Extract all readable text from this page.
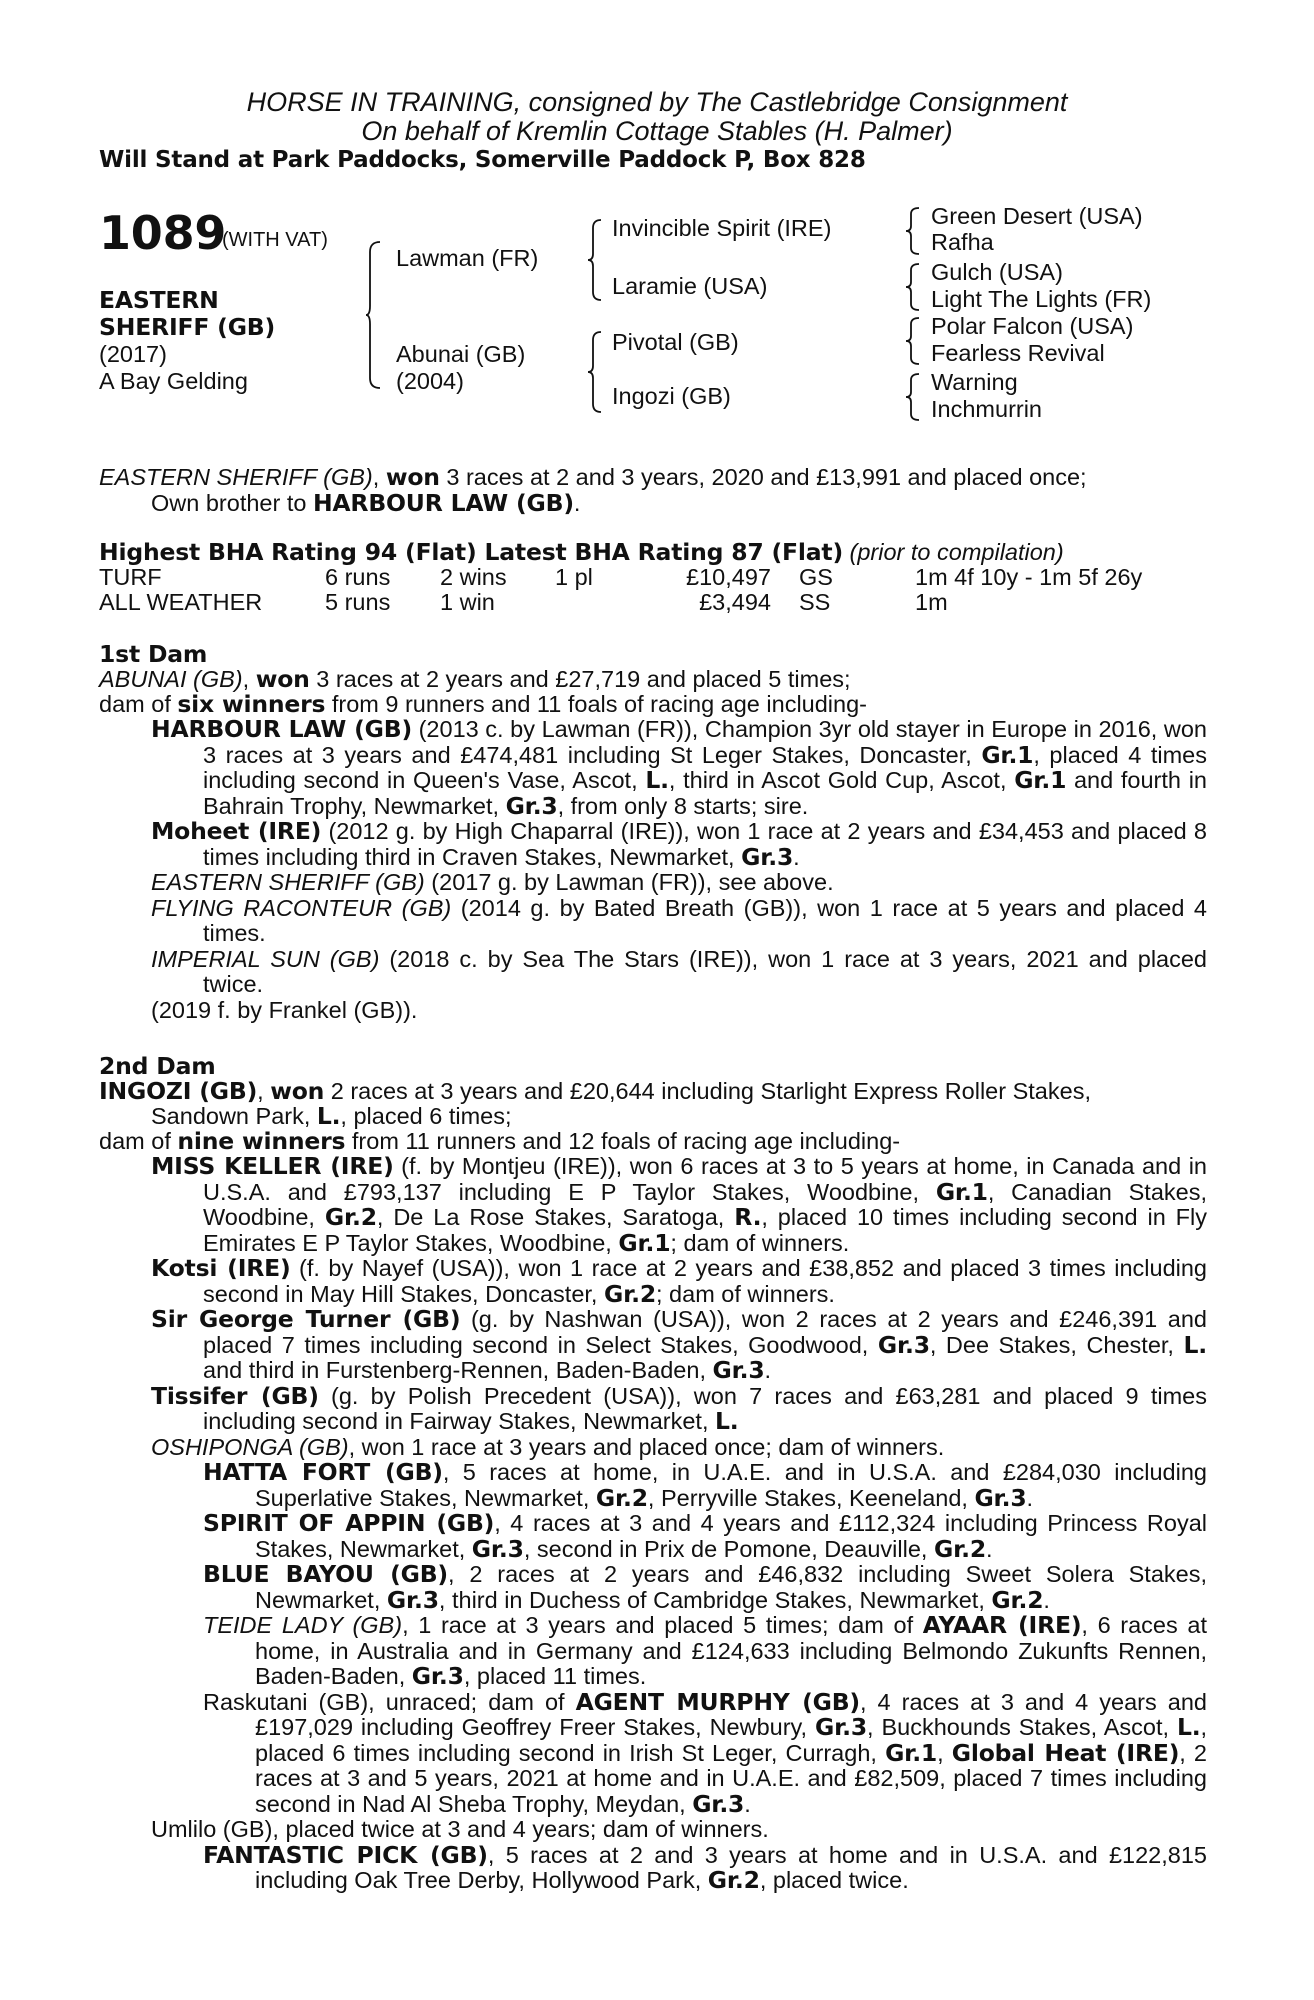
HORSE IN TRAINING, consigned by The Castlebridge Consignment
On behalf of Kremlin Cottage Stables (H. Palmer)
Will Stand at Park Paddocks, Somerville Paddock P, Box 828
1089
(WITH VAT)
EASTERN
SHERIFF (GB)
(2017)
A Bay Gelding
Lawman (FR)
Abunai (GB)
(2004)
Invincible Spirit (IRE)
Laramie (USA)
Pivotal (GB)
Ingozi (GB)
Green Desert (USA)
Rafha
Gulch (USA)
Light The Lights (FR)
Polar Falcon (USA)
Fearless Revival
Warning
Inchmurrin
EASTERN SHERIFF (GB), won 3 races at 2 and 3 years, 2020 and £13,991 and placed once;
Own brother to HARBOUR LAW (GB).
Highest BHA Rating 94 (Flat) Latest BHA Rating 87 (Flat) (prior to compilation)
TURF	6 runs 2 wins 1 pl	£10,497 GS	1m 4f 10y - 1m 5f 26y
ALL WEATHER	5 runs 1 win	£3,494 SS	1m
1st Dam
ABUNAI (GB), won 3 races at 2 years and £27,719 and placed 5 times;
dam of six winners from 9 runners and 11 foals of racing age including-
HARBOUR LAW (GB) (2013 c. by Lawman (FR)), Champion 3yr old stayer in Europe in 2016, won 3 races at 3 years and £474,481 including St Leger Stakes, Doncaster, Gr.1, placed 4 times including second in Queen's Vase, Ascot, L., third in Ascot Gold Cup, Ascot, Gr.1 and fourth in Bahrain Trophy, Newmarket, Gr.3, from only 8 starts; sire.
Moheet (IRE) (2012 g. by High Chaparral (IRE)), won 1 race at 2 years and £34,453 and placed 8 times including third in Craven Stakes, Newmarket, Gr.3.
EASTERN SHERIFF (GB) (2017 g. by Lawman (FR)), see above.
FLYING RACONTEUR (GB) (2014 g. by Bated Breath (GB)), won 1 race at 5 years and placed 4 times.
IMPERIAL SUN (GB) (2018 c. by Sea The Stars (IRE)), won 1 race at 3 years, 2021 and placed twice.
(2019 f. by Frankel (GB)).
2nd Dam
INGOZI (GB), won 2 races at 3 years and £20,644 including Starlight Express Roller Stakes,
Sandown Park, L., placed 6 times;
dam of nine winners from 11 runners and 12 foals of racing age including-
MISS KELLER (IRE) (f. by Montjeu (IRE)), won 6 races at 3 to 5 years at home, in Canada and in U.S.A. and £793,137 including E P Taylor Stakes, Woodbine, Gr.1, Canadian Stakes, Woodbine, Gr.2, De La Rose Stakes, Saratoga, R., placed 10 times including second in Fly Emirates E P Taylor Stakes, Woodbine, Gr.1; dam of winners.
Kotsi (IRE) (f. by Nayef (USA)), won 1 race at 2 years and £38,852 and placed 3 times including second in May Hill Stakes, Doncaster, Gr.2; dam of winners.
Sir George Turner (GB) (g. by Nashwan (USA)), won 2 races at 2 years and £246,391 and placed 7 times including second in Select Stakes, Goodwood, Gr.3, Dee Stakes, Chester, L. and third in Furstenberg-Rennen, Baden-Baden, Gr.3.
Tissifer (GB) (g. by Polish Precedent (USA)), won 7 races and £63,281 and placed 9 times including second in Fairway Stakes, Newmarket, L.
OSHIPONGA (GB), won 1 race at 3 years and placed once; dam of winners.
HATTA FORT (GB), 5 races at home, in U.A.E. and in U.S.A. and £284,030 including Superlative Stakes, Newmarket, Gr.2, Perryville Stakes, Keeneland, Gr.3.
SPIRIT OF APPIN (GB), 4 races at 3 and 4 years and £112,324 including Princess Royal Stakes, Newmarket, Gr.3, second in Prix de Pomone, Deauville, Gr.2.
BLUE BAYOU (GB), 2 races at 2 years and £46,832 including Sweet Solera Stakes, Newmarket, Gr.3, third in Duchess of Cambridge Stakes, Newmarket, Gr.2.
TEIDE LADY (GB), 1 race at 3 years and placed 5 times; dam of AYAAR (IRE), 6 races at home, in Australia and in Germany and £124,633 including Belmondo Zukunfts Rennen, Baden-Baden, Gr.3, placed 11 times.
Raskutani (GB), unraced; dam of AGENT MURPHY (GB), 4 races at 3 and 4 years and £197,029 including Geoffrey Freer Stakes, Newbury, Gr.3, Buckhounds Stakes, Ascot, L., placed 6 times including second in Irish St Leger, Curragh, Gr.1, Global Heat (IRE), 2 races at 3 and 5 years, 2021 at home and in U.A.E. and £82,509, placed 7 times including second in Nad Al Sheba Trophy, Meydan, Gr.3.
Umlilo (GB), placed twice at 3 and 4 years; dam of winners.
FANTASTIC PICK (GB), 5 races at 2 and 3 years at home and in U.S.A. and £122,815 including Oak Tree Derby, Hollywood Park, Gr.2, placed twice.
